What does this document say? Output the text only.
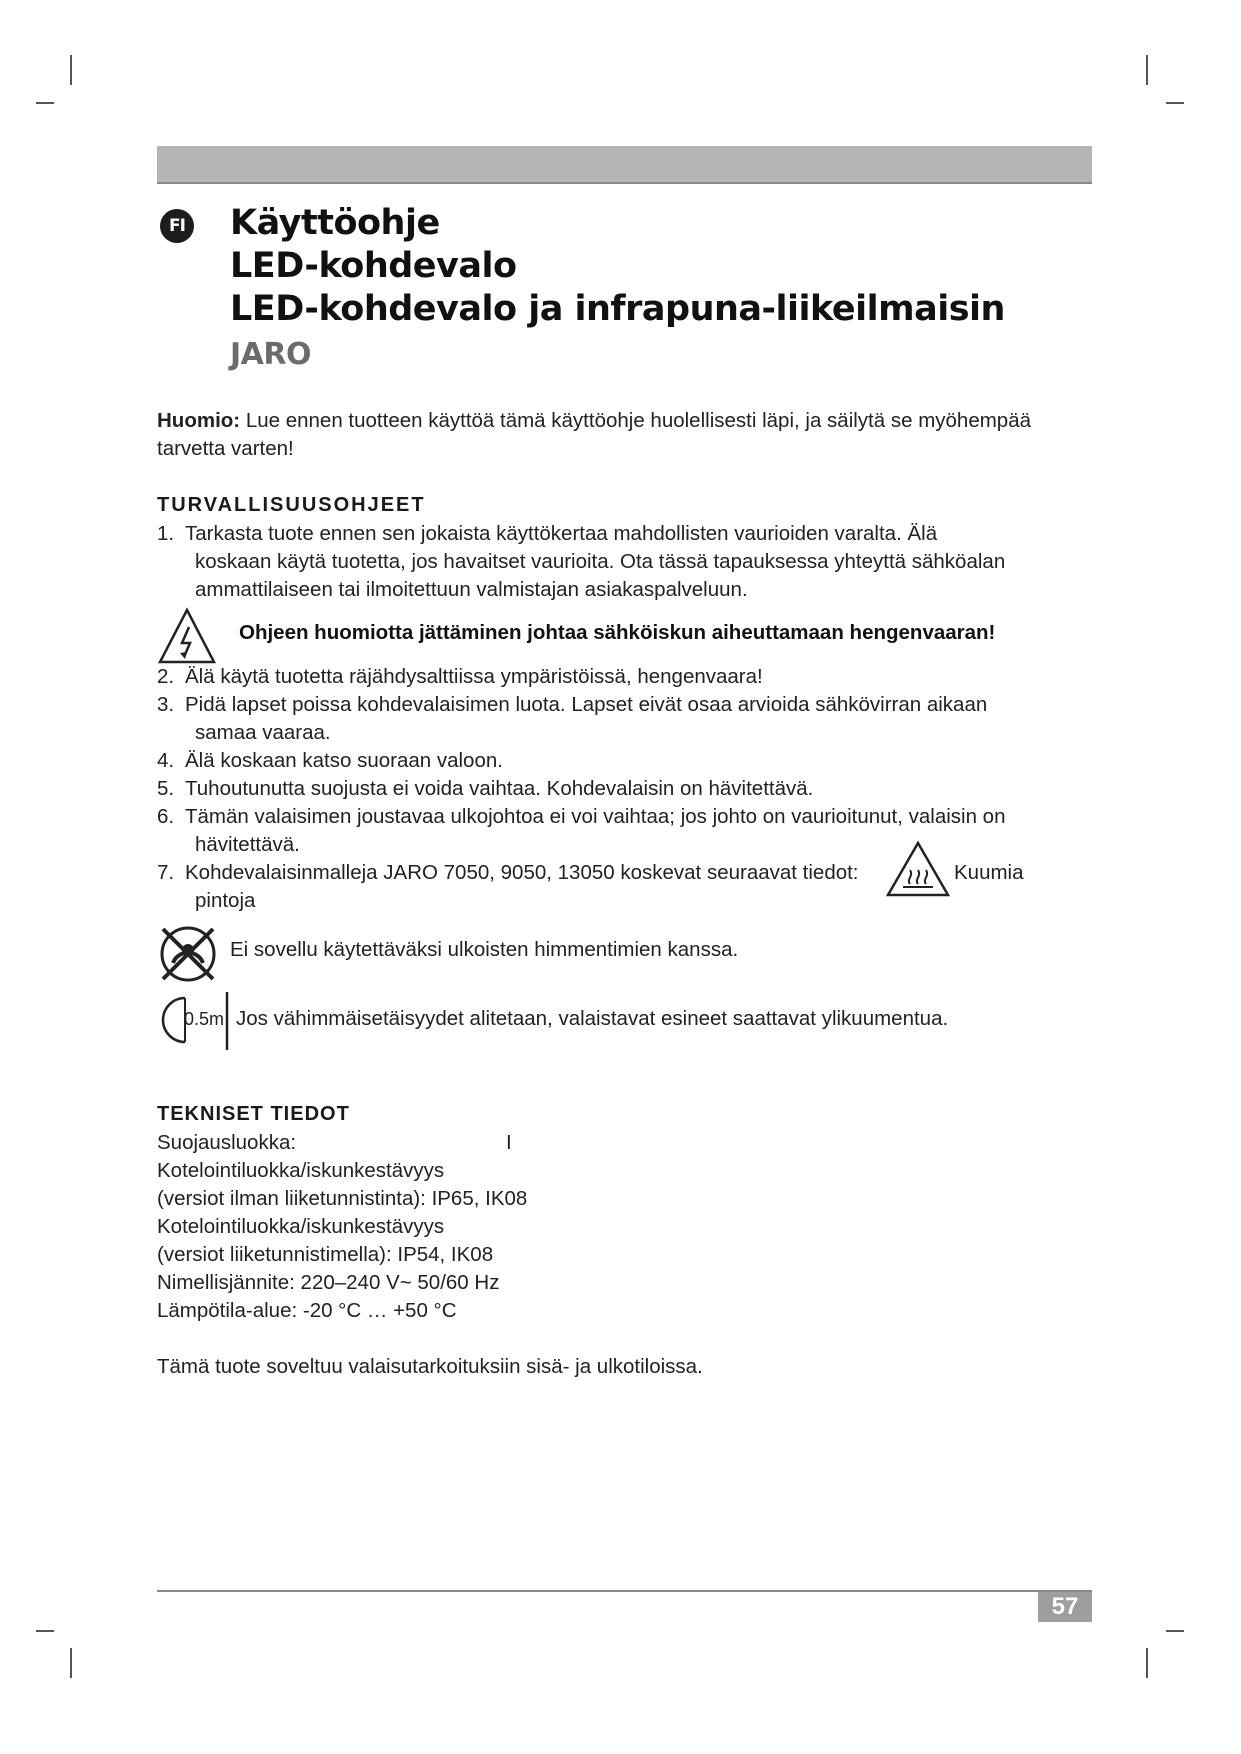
FI Käyttöohje
LED-kohdevalo
LED-kohdevalo ja infrapuna-liikeilmaisin
JARO
Huomio: Lue ennen tuotteen käyttöä tämä käyttöohje huolellisesti läpi, ja säilytä se myöhempää tarvetta varten!
TURVALLISUUSOHJEET
1. Tarkasta tuote ennen sen jokaista käyttökertaa mahdollisten vaurioiden varalta. Älä
koskaan käytä tuotetta, jos havaitset vaurioita. Ota tässä tapauksessa yhteyttä sähköalan ammattilaiseen tai ilmoitettuun valmistajan asiakaspalveluun.
Ohjeen huomiotta jättäminen johtaa sähköiskun aiheuttamaan hengenvaaran!
2. Älä käytä tuotetta räjähdysalttiissa ympäristöissä, hengenvaara!
3. Pidä lapset poissa kohdevalaisimen luota. Lapset eivät osaa arvioida sähkövirran aikaan
samaa vaaraa.
4. Älä koskaan katso suoraan valoon.
5. Tuhoutunutta suojusta ei voida vaihtaa. Kohdevalaisin on hävitettävä.
6. Tämän valaisimen joustavaa ulkojohtoa ei voi vaihtaa; jos johto on vaurioitunut, valaisin on
hävitettävä.
7. Kohdevalaisinmalleja JARO 7050, 9050, 13050 koskevat seuraavat tiedot:
pintoja
Kuumia
Ei sovellu käytettäväksi ulkoisten himmentimien kanssa.
0.5m Jos vähimmäisetäisyydet alitetaan, valaistavat esineet saattavat ylikuumentua.
TEKNISET TIEDOT
Suojausluokka:	I
Kotelointiluokka/iskunkestävyys
(versiot ilman liiketunnistinta): IP65, IK08
Kotelointiluokka/iskunkestävyys
(versiot liiketunnistimella): IP54, IK08
Nimellisjännite: 220–240 V~ 50/60 Hz
Lämpötila-alue: -20 °C … +50 °C
Tämä tuote soveltuu valaisutarkoituksiin sisä- ja ulkotiloissa.
57
